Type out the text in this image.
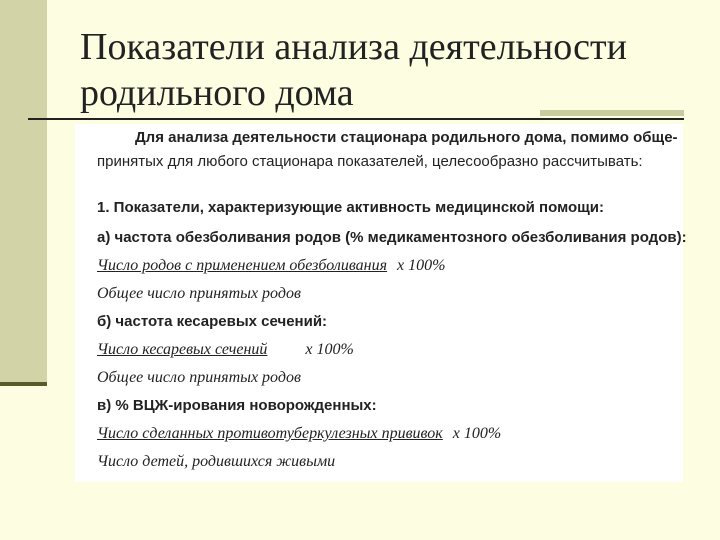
Показатели анализа деятельности
родильного дома
Для анализа деятельности стационара родильного дома, помимо обще-
принятых для любого стационара показателей, целесообразно рассчитывать:
1. Показатели, характеризующие активность медицинской помощи:
а) частота обезболивания родов (% медикаментозного обезболивания родов):
Число родов с применением обезболивания х 100%
Общее число принятых родов
б) частота кесаревых сечений:
Число кесаревых сечений х 100%
Общее число принятых родов
в) % ВЦЖ-ирования новорожденных:
Число сделанных противотуберкулезных прививок х 100%
Число детей, родившихся живыми
